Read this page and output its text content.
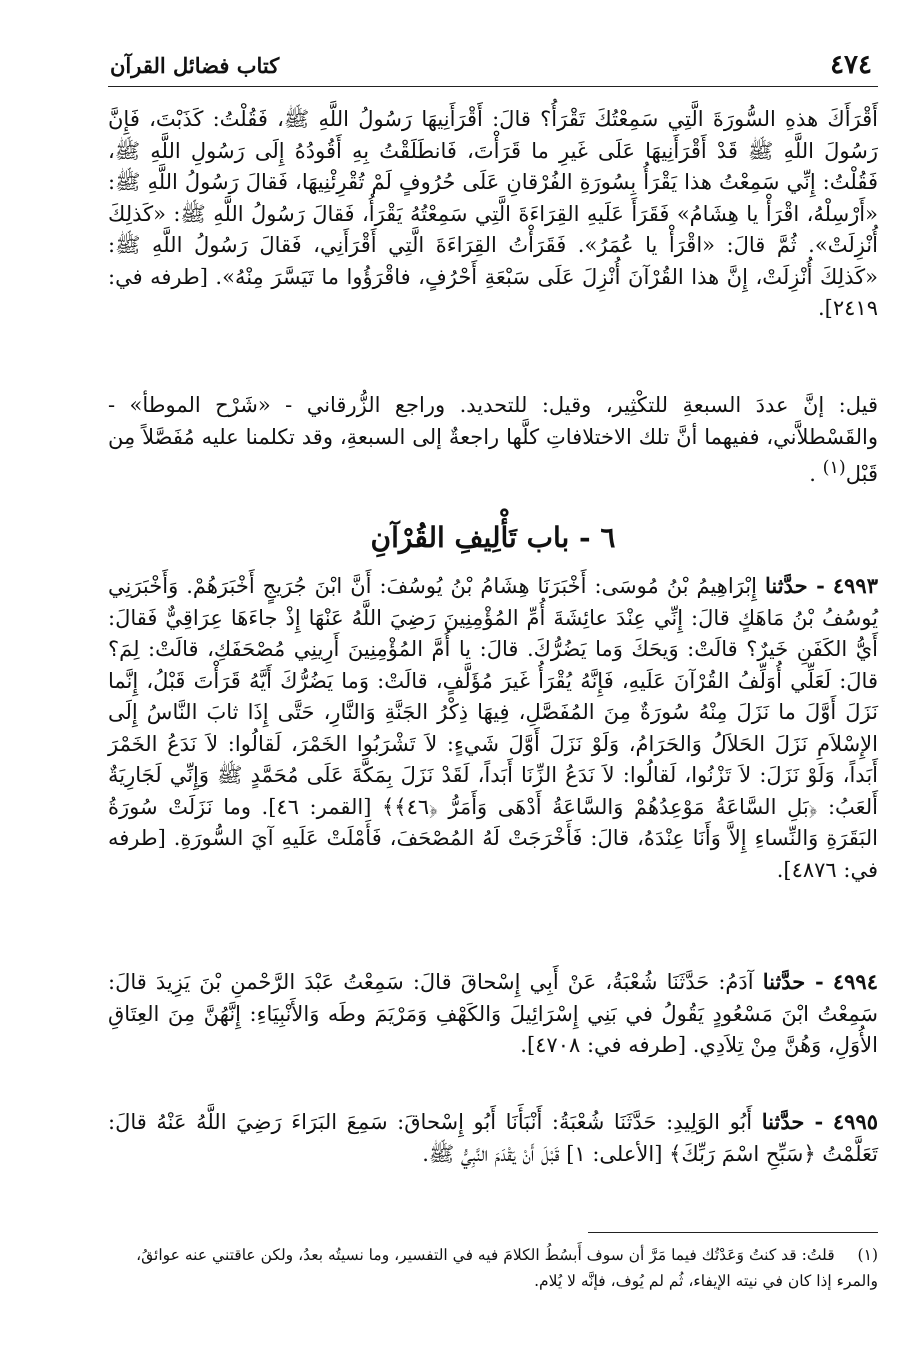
٤٧٤
كتاب فضائل القرآن

أَقْرَأَكَ هذهِ السُّورَةَ الَّتِي سَمِعْتُكَ تَقْرَأُ؟ قالَ: أَقْرَأَنِيهَا رَسُولُ اللَّهِ ﷺ، فَقُلْتُ: كَذَبْتَ، فَإِنَّ رَسُولَ اللَّهِ ﷺ قَدْ أَقْرَأَنِيهَا عَلَى غَيرِ ما قَرَأْتَ، فَانطَلَقْتُ بِهِ أَقُودُهُ إِلَى رَسُولِ اللَّهِ ﷺ، فَقُلْتُ: إِنِّي سَمِعْتُ هذا يَقْرَأُ بِسُورَةِ الفُرْقانِ عَلَى حُرُوفٍ لَمْ تُقْرِئْنِيهَا، فَقالَ رَسُولُ اللَّهِ ﷺ: «أَرْسِلْهُ، اقْرَأْ يا هِشَامُ» فَقَرَأَ عَلَيهِ القِرَاءَةَ الَّتِي سَمِعْتُهُ يَقْرَأُ، فَقالَ رَسُولُ اللَّهِ ﷺ: «كَذلِكَ أُنْزِلَتْ». ثُمَّ قالَ: «اقْرَأْ يا عُمَرُ». فَقَرَأْتُ القِرَاءَةَ الَّتِي أَقْرَأَنِي، فَقالَ رَسُولُ اللَّهِ ﷺ: «كَذلِكَ أُنْزِلَتْ، إِنَّ هذا القُرْآنَ أُنْزِلَ عَلَى سَبْعَةِ أَحْرُفٍ، فاقْرَؤُوا ما تَيَسَّرَ مِنْهُ». [طرفه في: ٢٤١٩].

قيل: إنَّ عددَ السبعةِ للتكْثِير، وقيل: للتحديد. وراجع الزُّرقاني - «شَرْح الموطأ» - والقَسْطلاَّني، ففيهما أنَّ تلك الاختلافاتِ كلَّها راجعةٌ إلى السبعةِ، وقد تكلمنا عليه مُفَصَّلاً مِن قَبْل$^{(١)}$ .

٦ - باب تَأْلِيفِ القُرْآنِ

٤٩٩٣ - حدَّثنا إِبْرَاهِيمُ بْنُ مُوسَى: أَخْبَرَنَا هِشَامُ بْنُ يُوسُفَ: أَنَّ ابْنَ جُرَيجٍ أَخْبَرَهُمْ. وَأَخْبَرَنِي يُوسُفُ بْنُ مَاهَكٍ قالَ: إِنِّي عِنْدَ عائِشَةَ أُمِّ المُؤْمِنِينَ رَضِيَ اللَّهُ عَنْهَا إِذْ جاءَهَا عِرَاقِيٌّ فَقالَ: أَيُّ الكَفَنِ خَيرٌ؟ قالَتْ: وَيحَكَ وَما يَضُرُّكَ. قالَ: يا أُمَّ المُؤْمِنِينَ أَرِينِي مُصْحَفَكِ، قالَتْ: لِمَ؟ قالَ: لَعَلِّي أُوَلِّفُ القُرْآنَ عَلَيهِ، فَإِنَّهُ يُقْرَأُ غَيرَ مُؤَلَّفٍ، قالَتْ: وَما يَضُرُّكَ أَيَّهُ قَرَأْتَ قَبْلُ، إِنَّما نَزَلَ أَوَّلَ ما نَزَلَ مِنْهُ سُورَةٌ مِنَ المُفَصَّلِ، فِيهَا ذِكْرُ الجَنَّةِ وَالنَّارِ، حَتَّى إِذَا ثابَ النَّاسُ إِلَى الإِسْلاَمِ نَزَلَ الحَلاَلُ وَالحَرَامُ، وَلَوْ نَزَلَ أَوَّلَ شَيءٍ: لاَ تَشْرَبُوا الخَمْرَ، لَقالُوا: لاَ نَدَعُ الخَمْرَ أَبَداً، وَلَوْ نَزَلَ: لاَ تَزْنُوا، لَقالُوا: لاَ نَدَعُ الزِّنَا أَبَداً، لَقَدْ نَزَلَ بِمَكَّةَ عَلَى مُحَمَّدٍ ﷺ وَإِنِّي لَجَارِيَةٌ أَلعَبُ: ﴿بَلِ السَّاعَةُ مَوْعِدُهُمْ وَالسَّاعَةُ أَدْهَى وَأَمَرُّ ﴿٤٦﴾﴾ [القمر: ٤٦]. وما نَزَلَتْ سُورَةُ البَقَرَةِ وَالنِّساءِ إِلاَّ وَأَنَا عِنْدَهُ، قالَ: فَأَخْرَجَتْ لَهُ المُصْحَفَ، فَأَمْلَتْ عَلَيهِ آيَ السُّورَةِ. [طرفه في: ٤٨٧٦].

٤٩٩٤ - حدَّثنا آدَمُ: حَدَّثَنَا شُعْبَةُ، عَنْ أَبِي إِسْحاقَ قالَ: سَمِعْتُ عَبْدَ الرَّحْمنِ بْنَ يَزِيدَ قالَ: سَمِعْتُ ابْنَ مَسْعُودٍ يَقُولُ في بَنِي إِسْرَائِيلَ وَالكَهْفِ وَمَرْيَمَ وطَه وَالأَنْبِيَاءِ: إِنَّهُنَّ مِنَ العِتَاقِ الأُوَلِ، وَهُنَّ مِنْ تِلاَدِي. [طرفه في: ٤٧٠٨].

٤٩٩٥ - حدَّثنا أَبُو الوَلِيدِ: حَدَّثَنَا شُعْبَةُ: أَنْبَأَنَا أَبُو إِسْحاقَ: سَمِعَ البَرَاءَ رَضِيَ اللَّهُ عَنْهُ قالَ: تَعَلَّمْتُ ﴿سَبِّحِ اسْمَ رَبِّكَ﴾ [الأعلى: ١] قَبْلَ أَنْ يَقْدَمَ النَّبِيُّ ﷺ.

(١) قلتُ: قد كنتُ وَعَدْتُك فيما مَرَّ أن سوف أَبسُطُ الكلامَ فيه في التفسير، وما نسيتُه بعدُ، ولكن عاقتني عنه عوائقُ، والمرء إذا كان في نيته الإيفاء، ثُم لم يُوف، فإنَّه لا يُلام.
